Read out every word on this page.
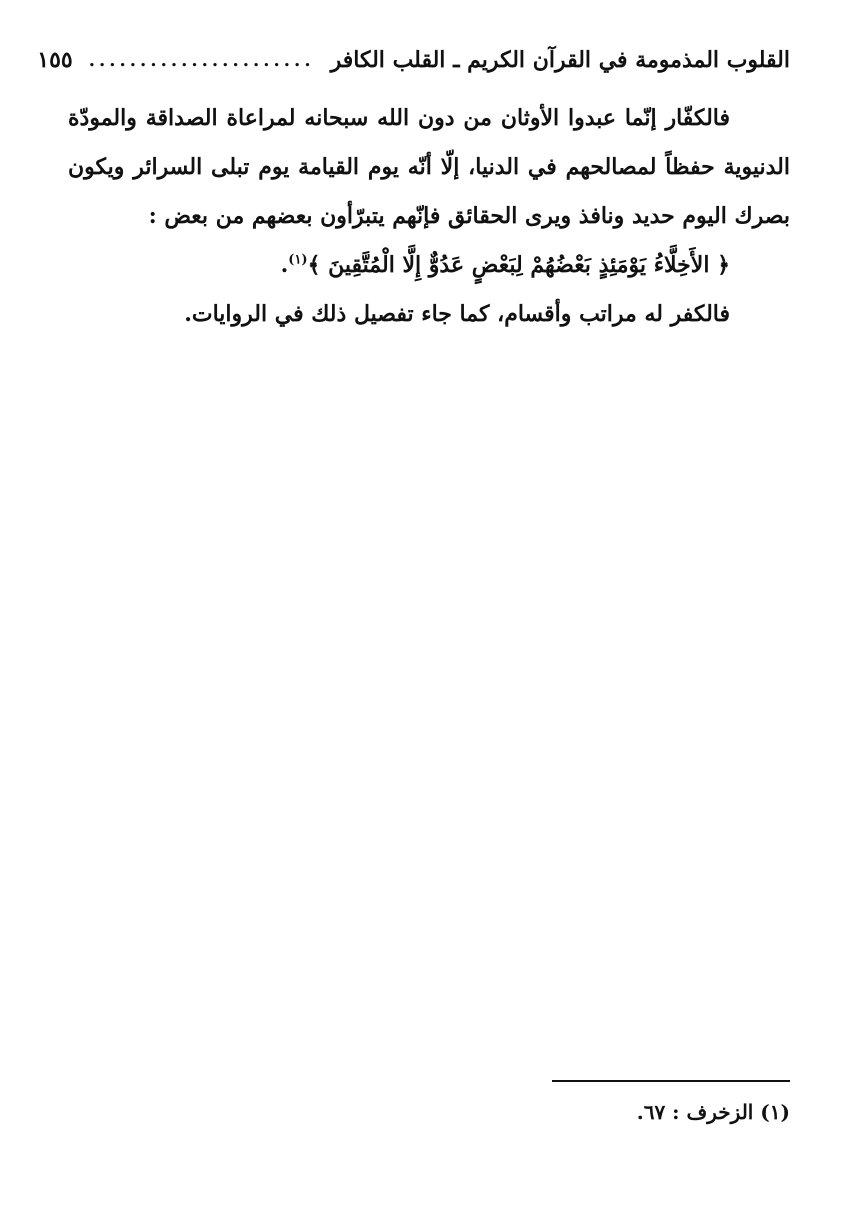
القلوب المذمومة في القرآن الكريم ـ القلب الكافر
......................
١٥٥

فالكفّار إنّما عبدوا الأوثان من دون الله سبحانه لمراعاة الصداقة والمودّة الدنيوية حفظاً لمصالحهم في الدنيا، إلّا أنّه يوم القيامة يوم تبلى السرائر ويكون بصرك اليوم حديد ونافذ ويرى الحقائق فإنّهم يتبرّأون بعضهم من بعض :

﴿ الأَخِلَّاءُ يَوْمَئِذٍ بَعْضُهُمْ لِبَعْضٍ عَدُوٌّ إِلَّا الْمُتَّقِينَ ﴾$^{(١)}$.

فالكفر له مراتب وأقسام، كما جاء تفصيل ذلك في الروايات.

(١) الزخرف : ٦٧.
